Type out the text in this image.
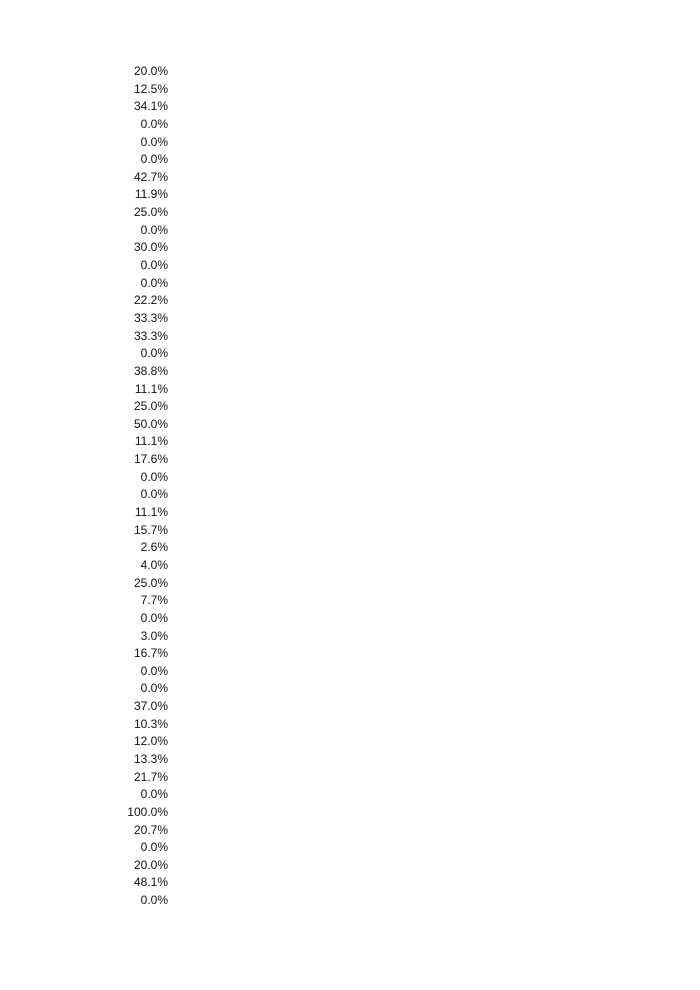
20.0%
12.5%
34.1%
0.0%
0.0%
0.0%
42.7%
11.9%
25.0%
0.0%
30.0%
0.0%
0.0%
22.2%
33.3%
33.3%
0.0%
38.8%
11.1%
25.0%
50.0%
11.1%
17.6%
0.0%
0.0%
11.1%
15.7%
2.6%
4.0%
25.0%
7.7%
0.0%
3.0%
16.7%
0.0%
0.0%
37.0%
10.3%
12.0%
13.3%
21.7%
0.0%
100.0%
20.7%
0.0%
20.0%
48.1%
0.0%
